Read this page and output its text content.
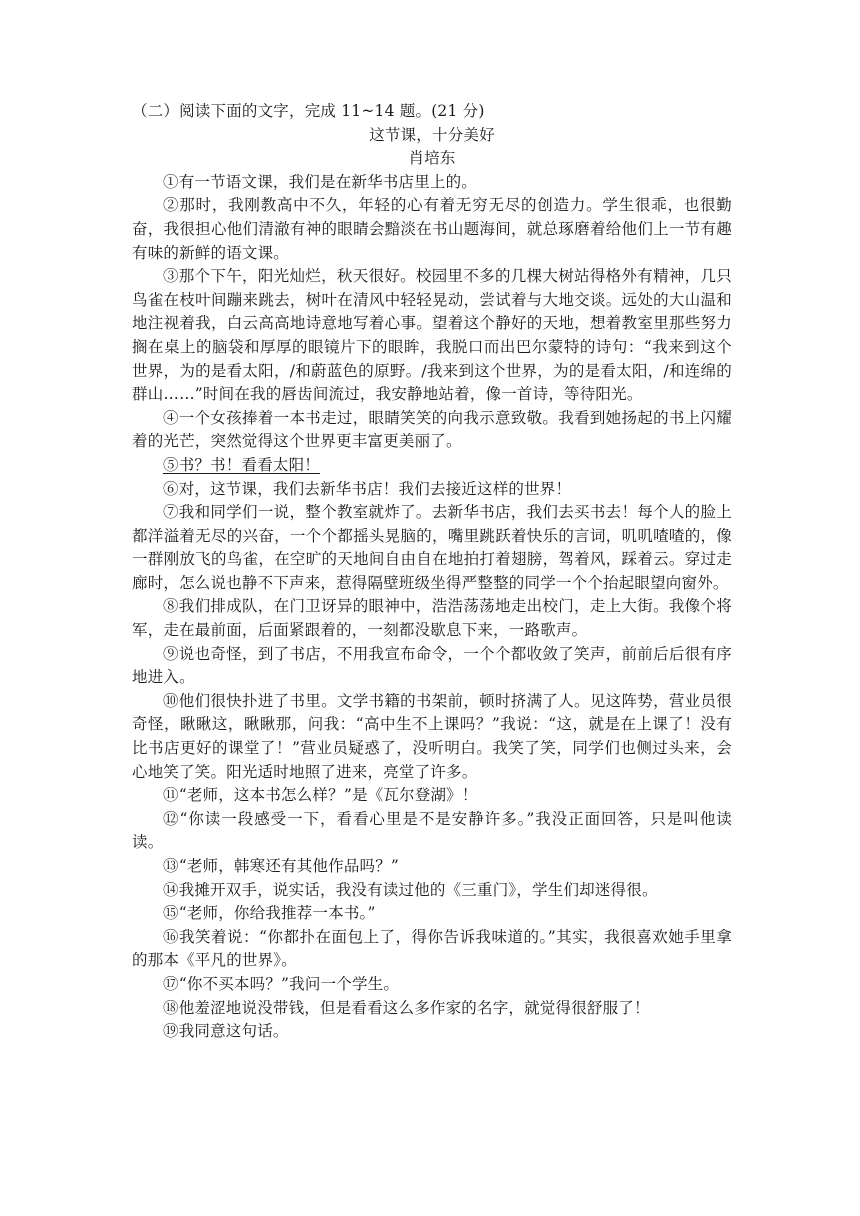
（二）阅读下面的文字，完成 11~14 题。(21 分)

这节课，十分美好

肖培东

①有一节语文课，我们是在新华书店里上的。

②那时，我刚教高中不久，年轻的心有着无穷无尽的创造力。学生很乖，也很勤奋，我很担心他们清澈有神的眼睛会黯淡在书山题海间，就总琢磨着给他们上一节有趣有味的新鲜的语文课。

③那个下午，阳光灿烂，秋天很好。校园里不多的几棵大树站得格外有精神，几只鸟雀在枝叶间蹦来跳去，树叶在清风中轻轻晃动，尝试着与大地交谈。远处的大山温和地注视着我，白云高高地诗意地写着心事。望着这个静好的天地，想着教室里那些努力搁在桌上的脑袋和厚厚的眼镜片下的眼眸，我脱口而出巴尔蒙特的诗句：“我来到这个世界，为的是看太阳，/和蔚蓝色的原野。/我来到这个世界，为的是看太阳，/和连绵的群山……”时间在我的唇齿间流过，我安静地站着，像一首诗，等待阳光。

④一个女孩捧着一本书走过，眼睛笑笑的向我示意致敬。我看到她扬起的书上闪耀着的光芒，突然觉得这个世界更丰富更美丽了。

⑤书？书！看看太阳！

⑥对，这节课，我们去新华书店！我们去接近这样的世界！

⑦我和同学们一说，整个教室就炸了。去新华书店，我们去买书去！每个人的脸上都洋溢着无尽的兴奋，一个个都摇头晃脑的，嘴里跳跃着快乐的言词，叽叽喳喳的，像一群刚放飞的鸟雀，在空旷的天地间自由自在地拍打着翅膀，驾着风，踩着云。穿过走廊时，怎么说也静不下声来，惹得隔壁班级坐得严整整的同学一个个抬起眼望向窗外。

⑧我们排成队，在门卫讶异的眼神中，浩浩荡荡地走出校门，走上大街。我像个将军，走在最前面，后面紧跟着的，一刻都没歇息下来，一路歌声。

⑨说也奇怪，到了书店，不用我宣布命令，一个个都收敛了笑声，前前后后很有序地进入。

⑩他们很快扑进了书里。文学书籍的书架前，顿时挤满了人。见这阵势，营业员很奇怪，瞅瞅这，瞅瞅那，问我：“高中生不上课吗？”我说：“这，就是在上课了！没有比书店更好的课堂了！”营业员疑惑了，没听明白。我笑了笑，同学们也侧过头来，会心地笑了笑。阳光适时地照了进来，亮堂了许多。

⑪“老师，这本书怎么样？”是《瓦尔登湖》！

⑫“你读一段感受一下，看看心里是不是安静许多。”我没正面回答，只是叫他读读。

⑬“老师，韩寒还有其他作品吗？”

⑭我摊开双手，说实话，我没有读过他的《三重门》，学生们却迷得很。

⑮“老师，你给我推荐一本书。”

⑯我笑着说：“你都扑在面包上了，得你告诉我味道的。”其实，我很喜欢她手里拿的那本《平凡的世界》。

⑰“你不买本吗？”我问一个学生。

⑱他羞涩地说没带钱，但是看看这么多作家的名字，就觉得很舒服了！

⑲我同意这句话。
